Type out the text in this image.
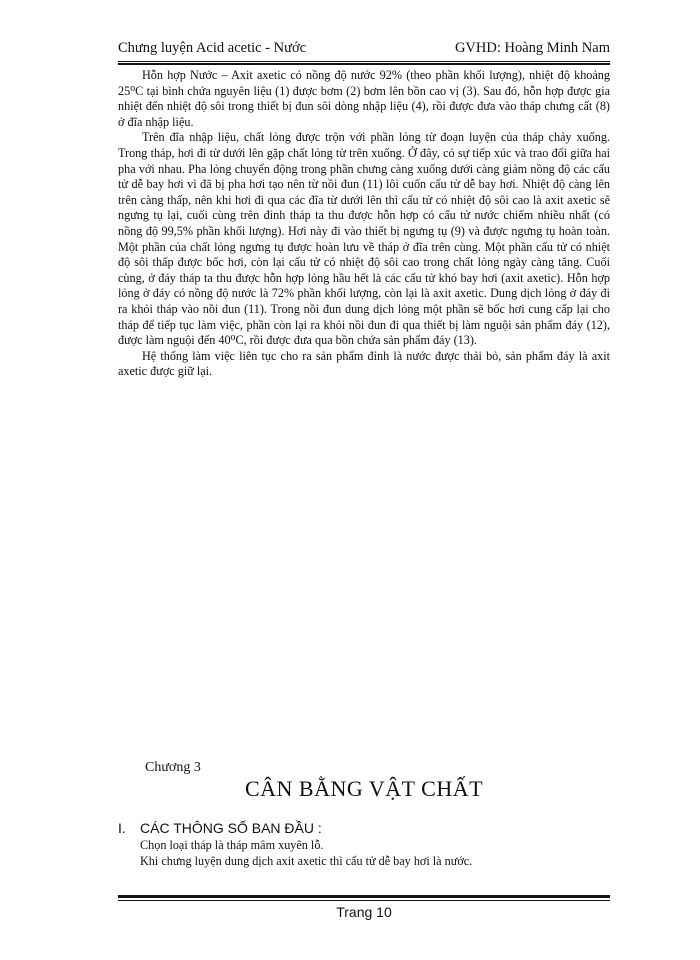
Chưng luyện Acid acetic - Nước	GVHD: Hoàng Minh Nam

Hỗn hợp Nước – Axit axetic có nồng độ nước 92% (theo phần khối lượng), nhiệt độ khoảng 25⁰C tại bình chứa nguyên liệu (1) được bơm (2) bơm lên bồn cao vị (3). Sau đó, hỗn hợp được gia nhiệt đến nhiệt độ sôi trong thiết bị đun sôi dòng nhập liệu (4), rồi được đưa vào tháp chưng cất (8) ở đĩa nhập liệu.

Trên đĩa nhập liệu, chất lỏng được trộn với phần lỏng từ đoạn luyện của tháp chảy xuống. Trong tháp, hơi đi từ dưới lên gặp chất lỏng từ trên xuống. Ở đây, có sự tiếp xúc và trao đổi giữa hai pha với nhau. Pha lỏng chuyển động trong phần chưng càng xuống dưới càng giảm nồng độ các cấu tử dễ bay hơi vì đã bị pha hơi tạo nên từ nồi đun (11) lôi cuốn cấu tử dễ bay hơi. Nhiệt độ càng lên trên càng thấp, nên khi hơi đi qua các đĩa từ dưới lên thì cấu tử có nhiệt độ sôi cao là axit axetic sẽ ngưng tụ lại, cuối cùng trên đỉnh tháp ta thu được hỗn hợp có cấu tử nước chiếm nhiều nhất (có nồng độ 99,5% phần khối lượng). Hơi này đi vào thiết bị ngưng tụ (9) và được ngưng tụ hoàn toàn. Một phần của chất lỏng ngưng tụ được hoàn lưu về tháp ở đĩa trên cùng. Một phần cấu tử có nhiệt độ sôi thấp được bốc hơi, còn lại cấu tử có nhiệt độ sôi cao trong chất lỏng ngày càng tăng. Cuối cùng, ở đáy tháp ta thu được hỗn hợp lỏng hầu hết là các cấu tử khó bay hơi (axit axetic). Hỗn hợp lỏng ở đáy có nồng độ nước là 72% phần khối lượng, còn lại là axit axetic. Dung dịch lỏng ở đáy đi ra khỏi tháp vào nồi đun (11). Trong nồi đun dung dịch lỏng một phần sẽ bốc hơi cung cấp lại cho tháp để tiếp tục làm việc, phần còn lại ra khỏi nồi đun đi qua thiết bị làm nguội sản phẩm đáy (12), được làm nguội đến 40⁰C, rồi được đưa qua bồn chứa sản phẩm đáy (13).

Hệ thống làm việc liên tục cho ra sản phẩm đỉnh là nước được thải bỏ, sản phẩm đáy là axit axetic được giữ lại.

Chương 3
CÂN BẰNG VẬT CHẤT
I. CÁC THÔNG SỐ BAN ĐẦU :
Chọn loại tháp là tháp mâm xuyên lỗ.
Khi chưng luyện dung dịch axit axetic thì cấu tử dễ bay hơi là nước.
Trang 10
